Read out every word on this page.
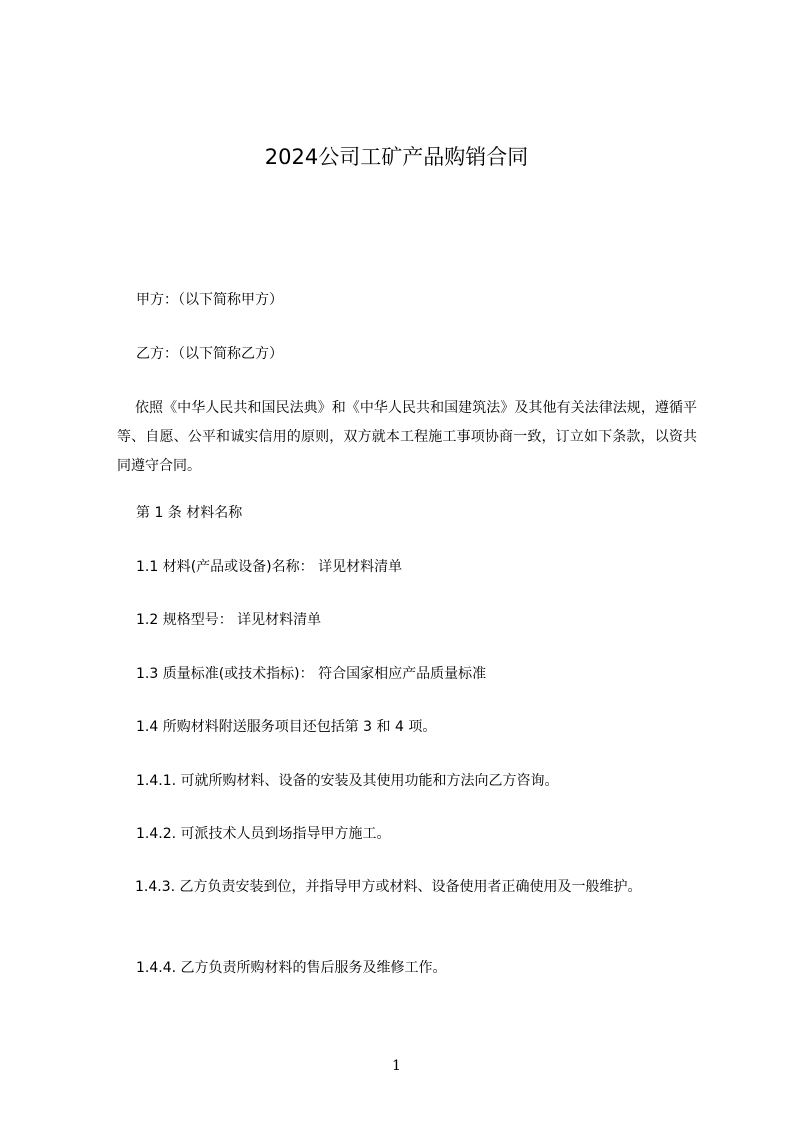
2024公司工矿产品购销合同
甲方：（以下简称甲方）
乙方：（以下简称乙方）
依照《中华人民共和国民法典》和《中华人民共和国建筑法》及其他有关法律法规，遵循平等、自愿、公平和诚实信用的原则，双方就本工程施工事项协商一致，订立如下条款，以资共同遵守合同。
第 1 条 材料名称
1.1 材料(产品或设备)名称： 详见材料清单
1.2 规格型号： 详见材料清单
1.3 质量标准(或技术指标)： 符合国家相应产品质量标准
1.4 所购材料附送服务项目还包括第 3 和 4 项。
1.4.1. 可就所购材料、设备的安装及其使用功能和方法向乙方咨询。
1.4.2. 可派技术人员到场指导甲方施工。
1.4.3. 乙方负责安装到位，并指导甲方或材料、设备使用者正确使用及一般维护。
1.4.4. 乙方负责所购材料的售后服务及维修工作。
1
